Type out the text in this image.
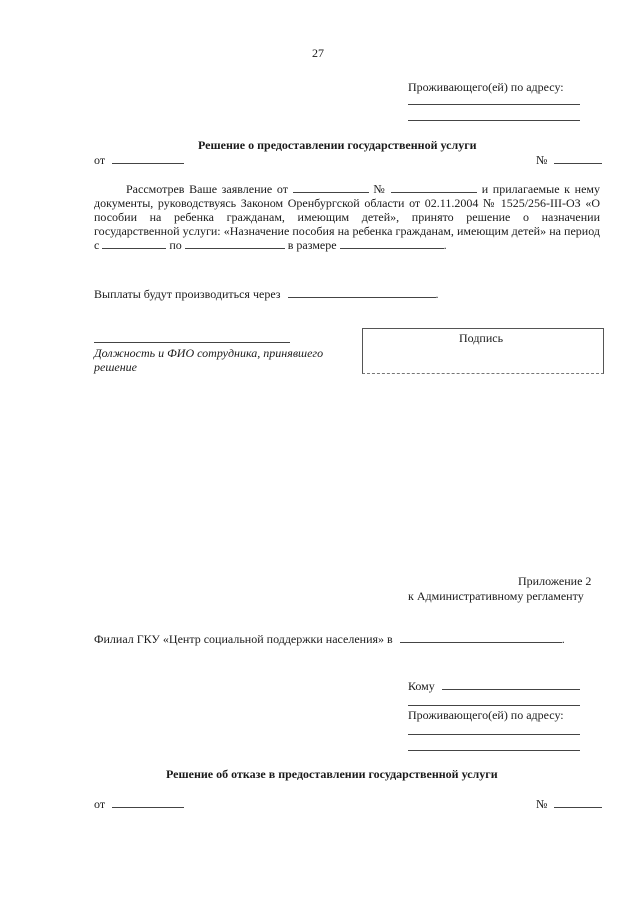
27
Проживающего(ей) по адресу:
Решение о предоставлении государственной услуги
от	№
Рассмотрев Ваше заявление от	№	и прилагаемые к нему документы, руководствуясь Законом Оренбургской области от 02.11.2004 № 1525/256-III-ОЗ «О пособии на ребенка гражданам, имеющим детей», принято решение о назначении государственной услуги: «Назначение пособия на ребенка гражданам, имеющим детей» на период с	по	в размере	.
Выплаты будут производиться через	.
Должность и ФИО сотрудника, принявшего решение
Подпись
Приложение 2
к Административному регламенту
Филиал ГКУ «Центр социальной поддержки населения» в	.
Кому
Проживающего(ей) по адресу:
Решение об отказе в предоставлении государственной услуги
от	№
